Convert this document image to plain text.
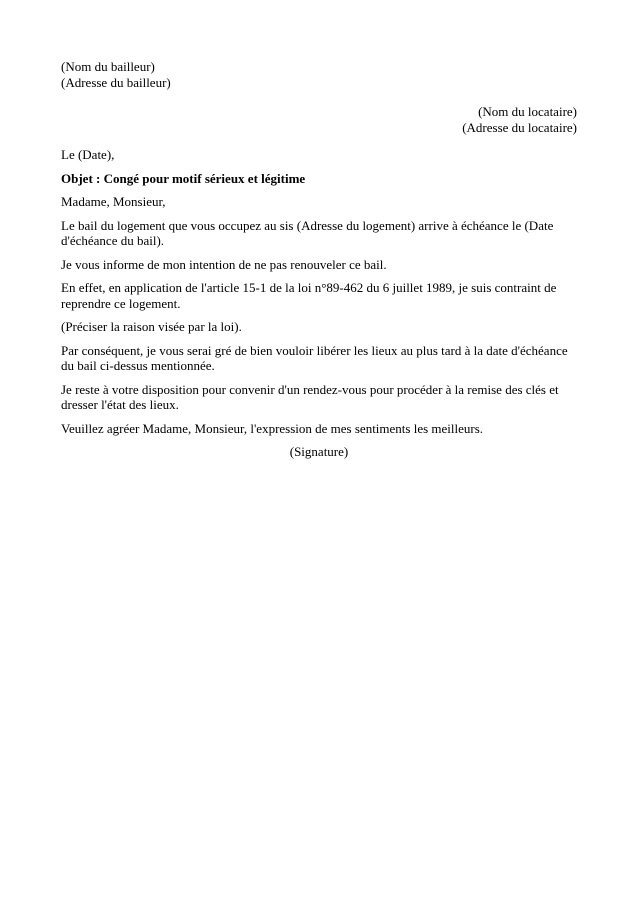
(Nom du bailleur)

(Adresse du bailleur)

(Nom du locataire)

(Adresse du locataire)

Le (Date),

Objet : Congé pour motif sérieux et légitime

Madame, Monsieur,

Le bail du logement que vous occupez au sis (Adresse du logement) arrive à échéance le (Date d'échéance du bail).

Je vous informe de mon intention de ne pas renouveler ce bail.

En effet, en application de l'article 15-1 de la loi n°89-462 du 6 juillet 1989, je suis contraint de reprendre ce logement.

(Préciser la raison visée par la loi).

Par conséquent, je vous serai gré de bien vouloir libérer les lieux au plus tard à la date d'échéance du bail ci-dessus mentionnée.

Je reste à votre disposition pour convenir d'un rendez-vous pour procéder à la remise des clés et dresser l'état des lieux.

Veuillez agréer Madame, Monsieur, l'expression de mes sentiments les meilleurs.

(Signature)
